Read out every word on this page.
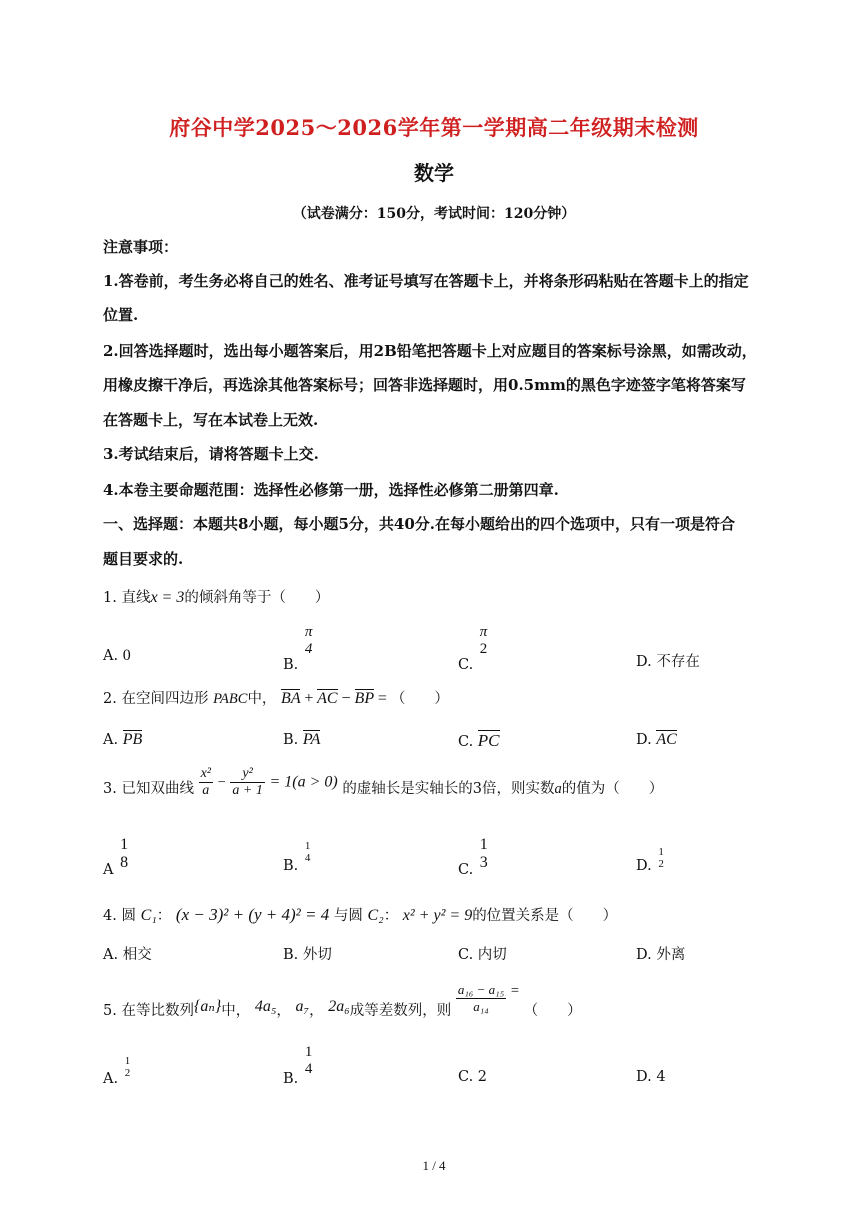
府谷中学2025～2026学年第一学期高二年级期末检测
数学
（试卷满分：150分，考试时间：120分钟）
注意事项：
1.答卷前，考生务必将自己的姓名、准考证号填写在答题卡上，并将条形码粘贴在答题卡上的指定
位置.
2.回答选择题时，选出每小题答案后，用2B铅笔把答题卡上对应题目的答案标号涂黑，如需改动，
用橡皮擦干净后，再选涂其他答案标号；回答非选择题时，用0.5mm的黑色字迹签字笔将答案写
在答题卡上，写在本试卷上无效.
3.考试结束后，请将答题卡上交.
4.本卷主要命题范围：选择性必修第一册，选择性必修第二册第四章.
一、选择题：本题共8小题，每小题5分，共40分.在每小题给出的四个选项中，只有一项是符合
题目要求的.
1. 直线x = 3的倾斜角等于（　　）
A. 0
B.
π
4
C.
π
2
D. 不存在
2. 在空间四边形 PABC中， BA + AC − BP = （　　）
A. PB	B. PA	C. PC	D. AC
3. 已知双曲线 $\frac{\text{x²}}{a} - \frac{\text{y²}}{a + 1} = 1(a > 0)$ 的虚轴长是实轴长的3倍，则实数a的值为（　　）
A
1
8	B.
1
4
C.
1
3	D.
1
2
4. 圆 C₁： (x − 3)² + (y + 4)² = 4 与圆 C₂： x² + y² = 9的位置关系是（　　）
A. 相交	B. 外切	C. 内切	D. 外离
5. 在等比数列{aₙ}中， 4a₅， a₇， 2a₆成等差数列，则 $\frac{\text{a₁₆ − a₁₅}}{\text{a₁₄}}$ = （　　）
A.
1
2	B.
1
4	C. 2	D. 4
1 / 4
